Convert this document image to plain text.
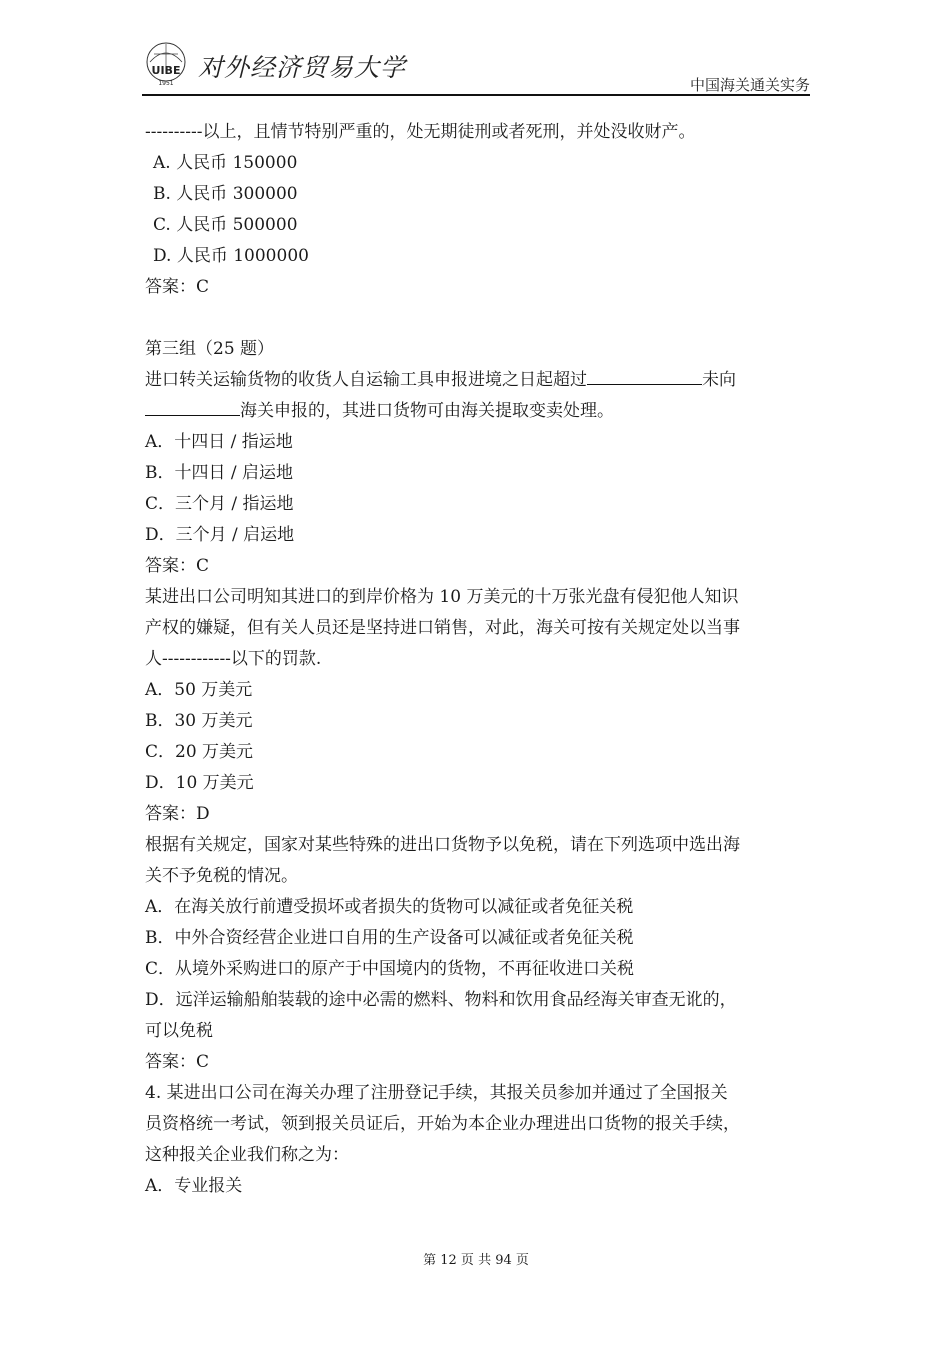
UIBE
1951
对外经济贸易大学
中国海关通关实务
----------以上，且情节特别严重的，处无期徒刑或者死刑，并处没收财产。
A. 人民币 150000
B. 人民币 300000
C. 人民币 500000
D. 人民币 1000000
答案：C
第三组（25 题）
进口转关运输货物的收货人自运输工具申报进境之日起超过	未向
海关申报的，其进口货物可由海关提取变卖处理。
A．十四日 / 指运地
B．十四日 / 启运地
C．三个月 / 指运地
D．三个月 / 启运地
答案：C
某进出口公司明知其进口的到岸价格为 10 万美元的十万张光盘有侵犯他人知识
产权的嫌疑，但有关人员还是坚持进口销售，对此，海关可按有关规定处以当事
人------------以下的罚款.
A．50 万美元
B．30 万美元
C．20 万美元
D．10 万美元
答案：D
根据有关规定，国家对某些特殊的进出口货物予以免税，请在下列选项中选出海
关不予免税的情况。
A．在海关放行前遭受损坏或者损失的货物可以减征或者免征关税
B．中外合资经营企业进口自用的生产设备可以减征或者免征关税
C．从境外采购进口的原产于中国境内的货物，不再征收进口关税
D．远洋运输船舶装载的途中必需的燃料、物料和饮用食品经海关审查无讹的，
可以免税
答案：C
4. 某进出口公司在海关办理了注册登记手续，其报关员参加并通过了全国报关
员资格统一考试，领到报关员证后，开始为本企业办理进出口货物的报关手续，
这种报关企业我们称之为：
A．专业报关
第 12 页 共 94 页
